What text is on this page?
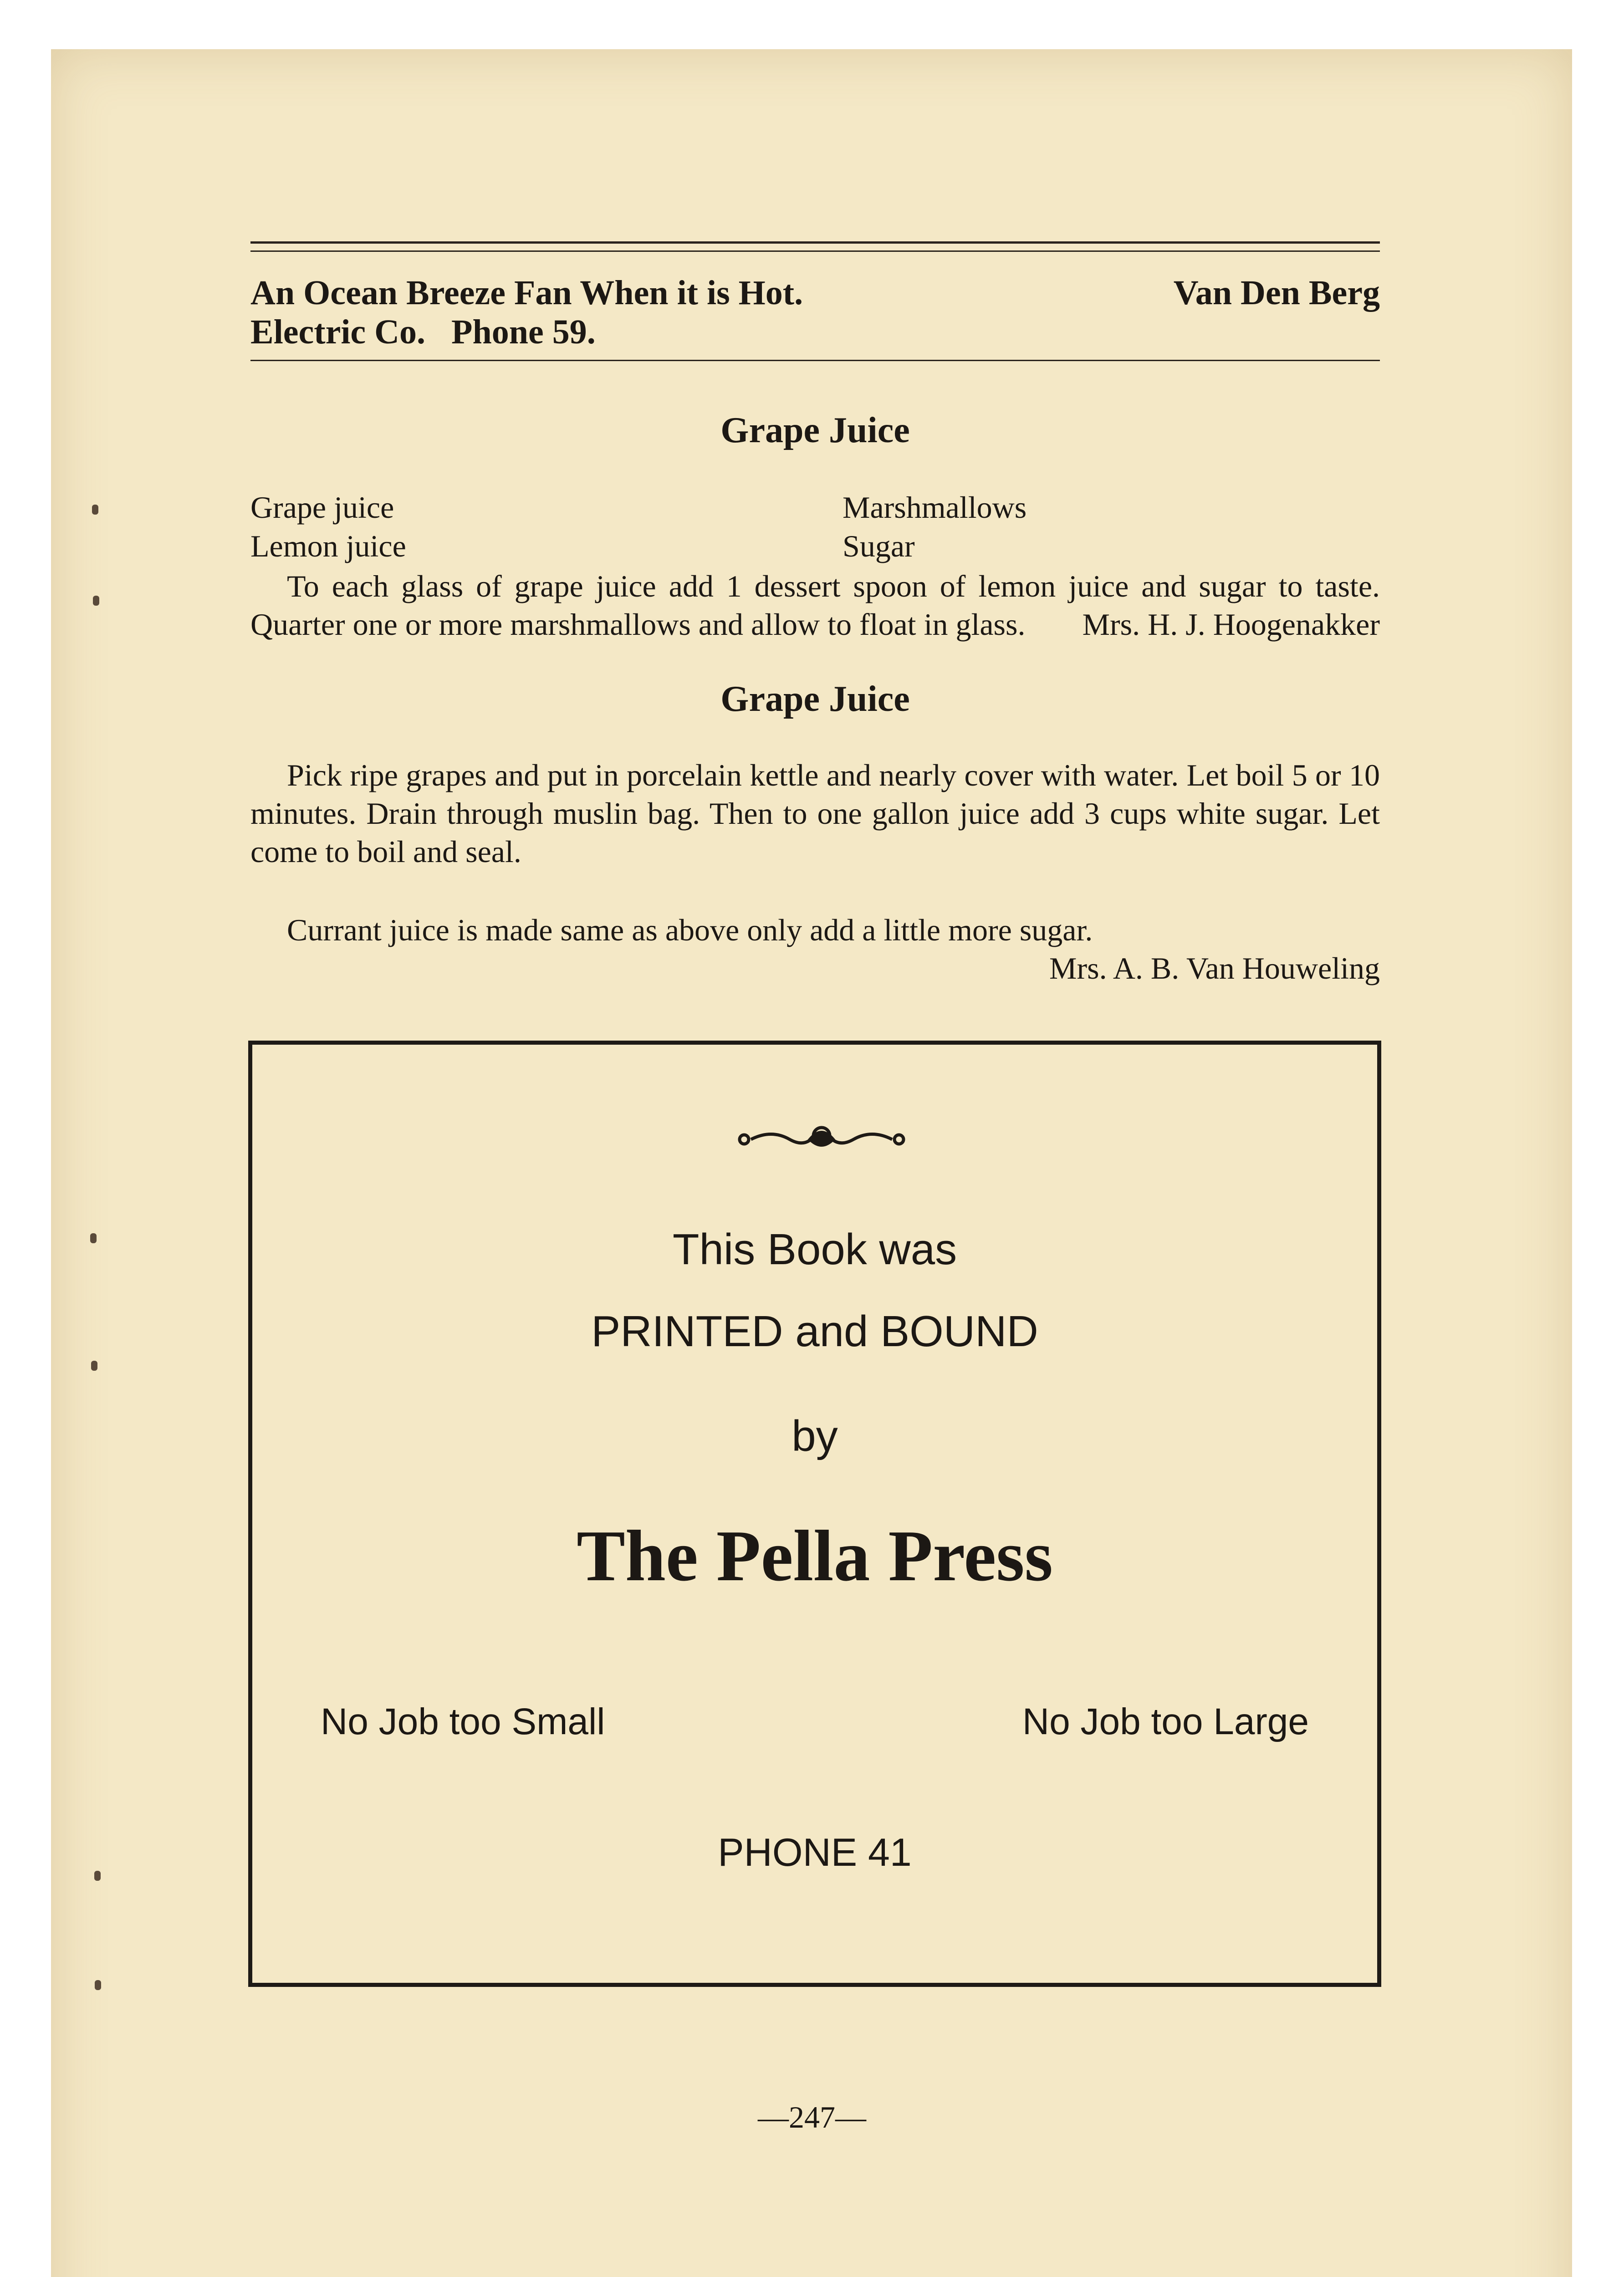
An Ocean Breeze Fan When it is Hot.	Van Den Berg
Electric Co.   Phone 59.
Grape Juice
Grape juice
Lemon juice
Marshmallows
Sugar
To each glass of grape juice add 1 dessert spoon of lemon juice and sugar to taste. Quarter one or more marshmallows and allow to float in glass. Mrs. H. J. Hoogenakker
Grape Juice
Pick ripe grapes and put in porcelain kettle and nearly cover with water. Let boil 5 or 10 minutes. Drain through muslin bag. Then to one gallon juice add 3 cups white sugar. Let come to boil and seal.
Currant juice is made same as above only add a little more sugar.
Mrs. A. B. Van Houweling
This Book was
PRINTED and BOUND
by
The Pella Press
No Job too Small	No Job too Large
PHONE 41
—247—
